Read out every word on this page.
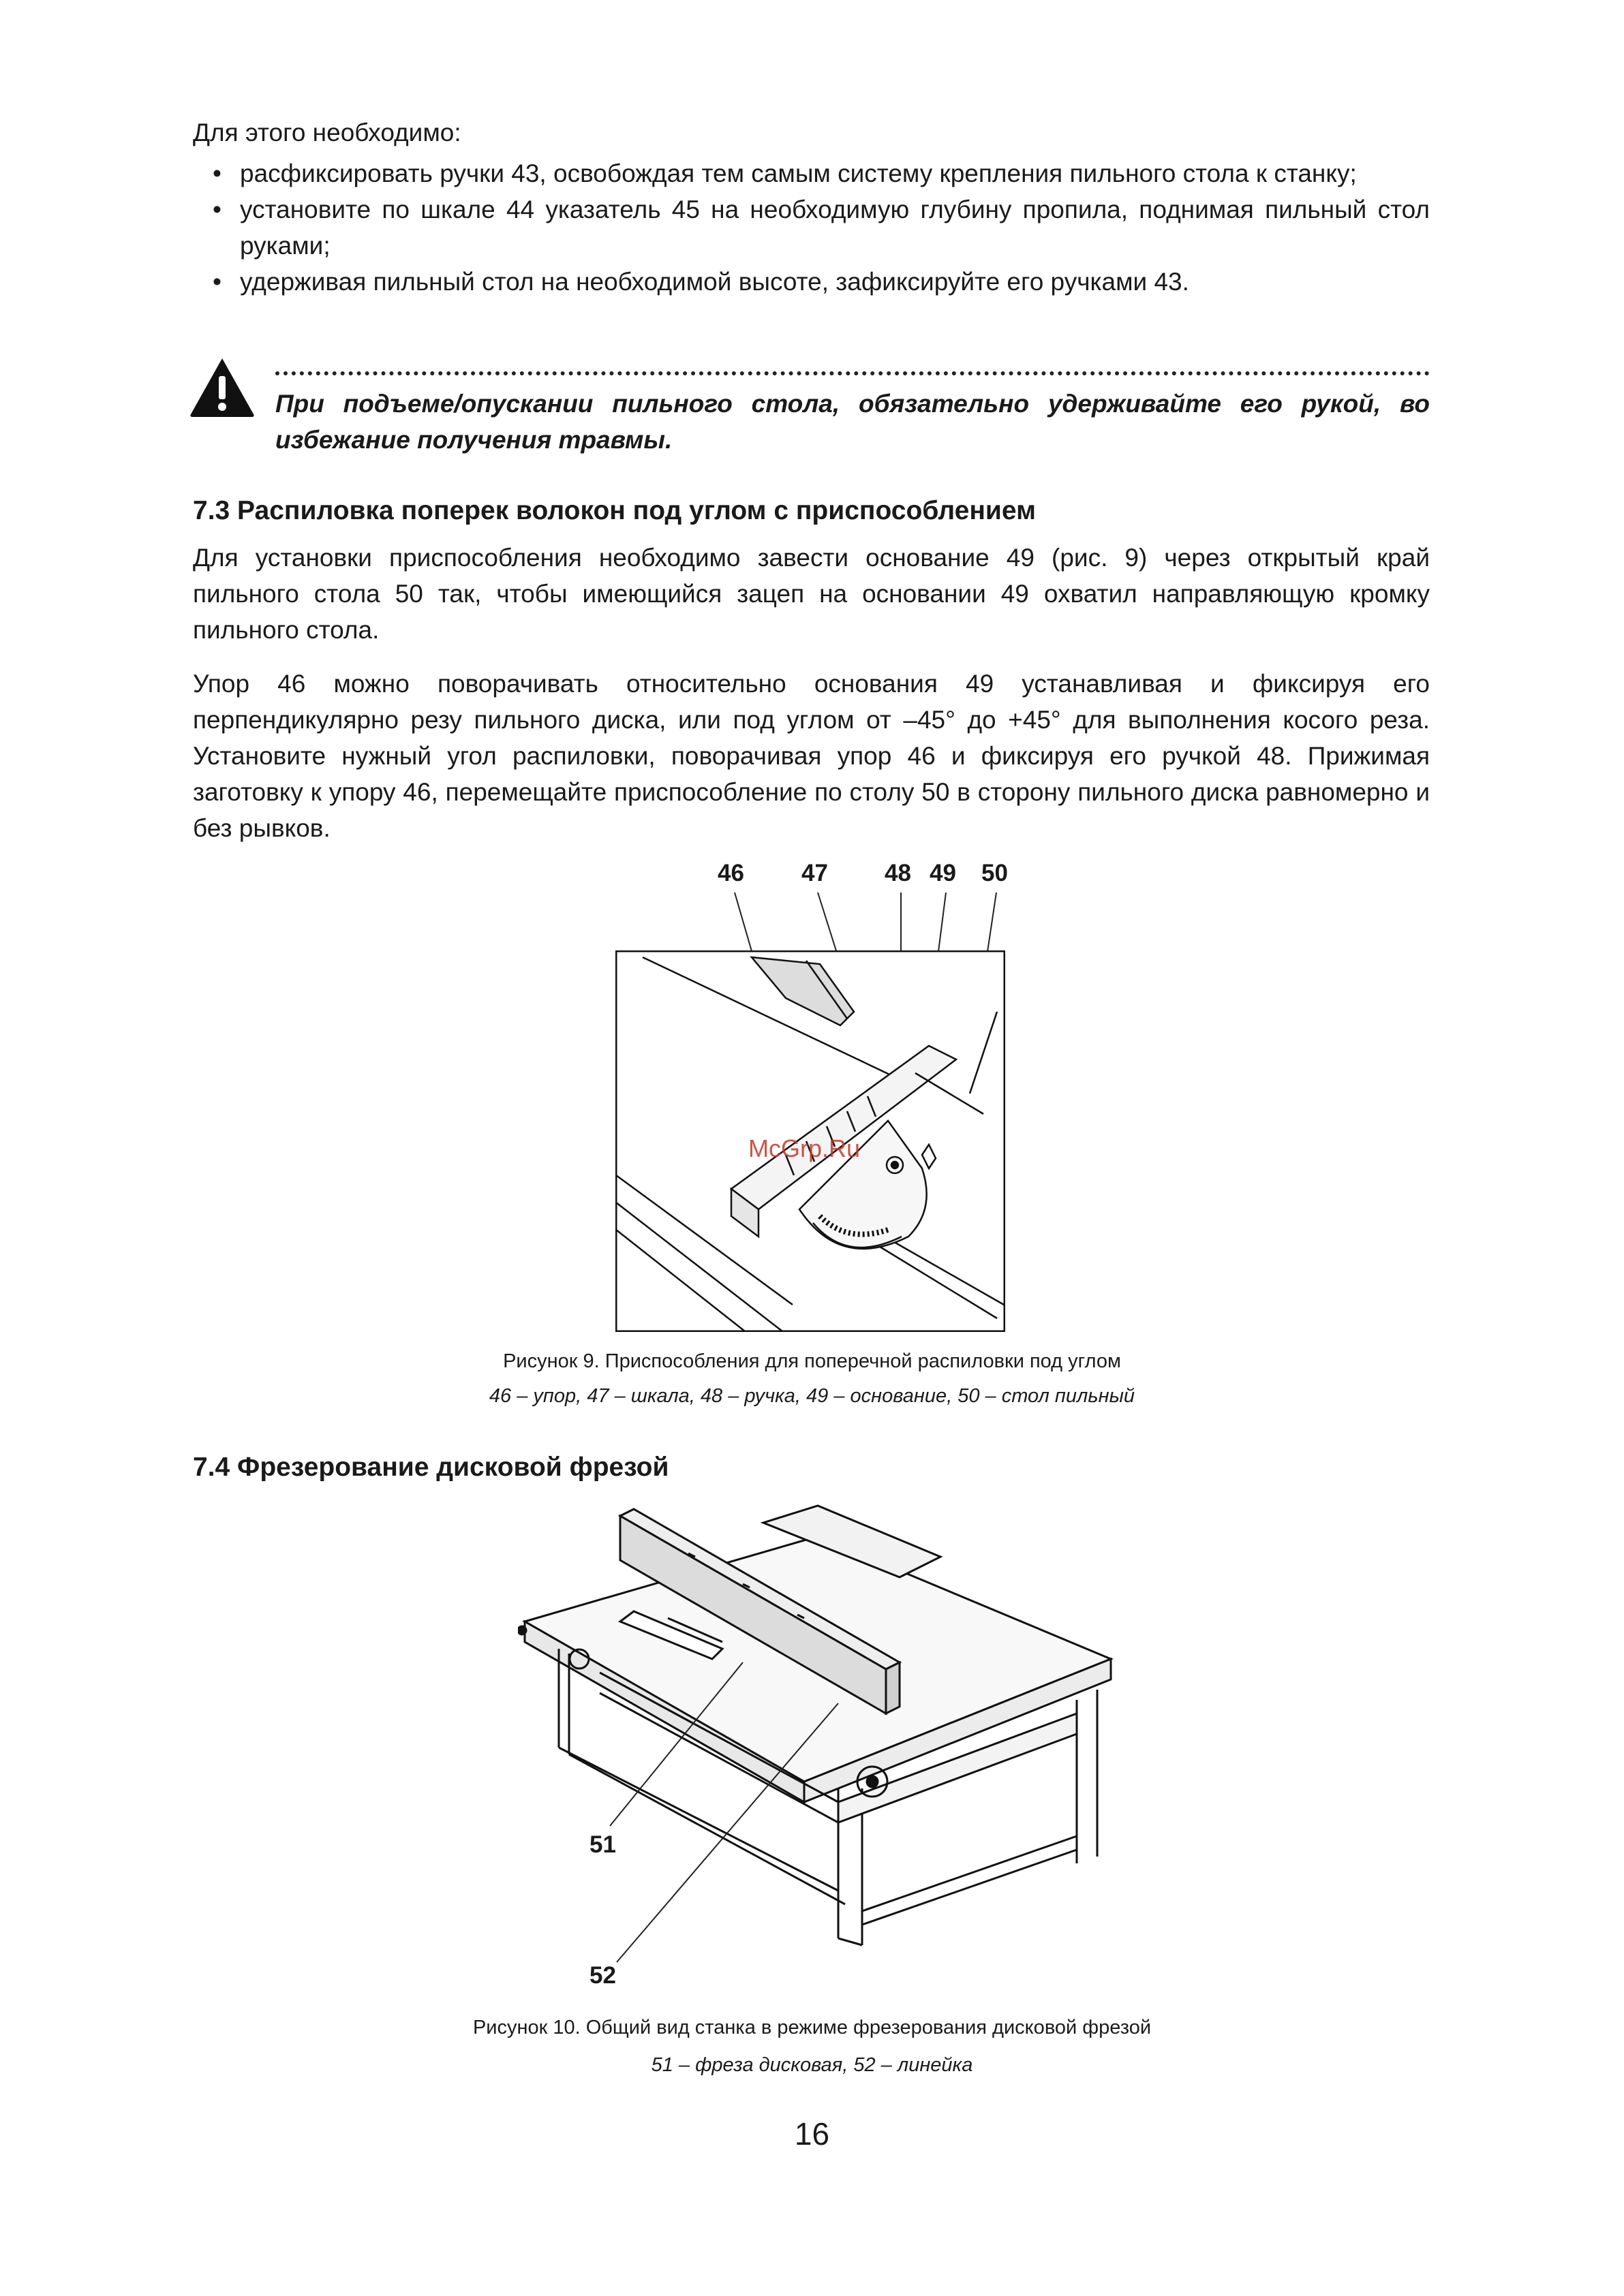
Для этого необходимо:
• расфиксировать ручки 43, освобождая тем самым систему крепления пильного стола к станку;
• установите по шкале 44 указатель 45 на необходимую глубину пропила, поднимая пильный стол руками;
• удерживая пильный стол на необходимой высоте, зафиксируйте его ручками 43.
При подъеме/опускании пильного стола, обязательно удерживайте его рукой, во избежание получения травмы.
7.3 Распиловка поперек волокон под углом с приспособлением
Для установки приспособления необходимо завести основание 49 (рис. 9) через открытый край пильного стола 50 так, чтобы имеющийся зацеп на основании 49 охватил направляющую кромку пильного стола.
Упор 46 можно поворачивать относительно основания 49 устанавливая и фиксируя его перпендикулярно резу пильного диска, или под углом от –45° до +45° для выполнения косого реза. Установите нужный угол распиловки, поворачивая упор 46 и фиксируя его ручкой 48. Прижимая заготовку к упору 46, перемещайте приспособление по столу 50 в сторону пильного диска равномерно и без рывков.
46 47 48 49 50
McGrp.Ru
Рисунок 9. Приспособления для поперечной распиловки под углом
46 – упор, 47 – шкала, 48 – ручка, 49 – основание, 50 – стол пильный
7.4 Фрезерование дисковой фрезой
51
52
Рисунок 10. Общий вид станка в режиме фрезерования дисковой фрезой
51 – фреза дисковая, 52 – линейка
16
